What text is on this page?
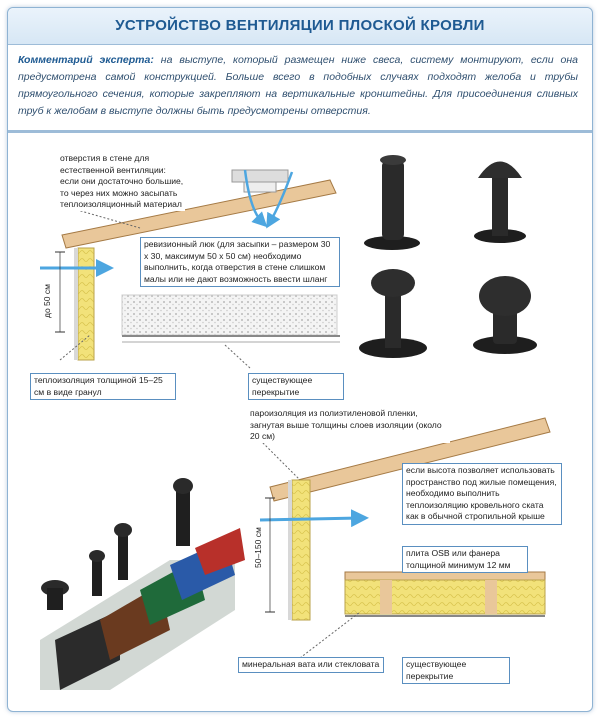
УСТРОЙСТВО ВЕНТИЛЯЦИИ ПЛОСКОЙ КРОВЛИ
Комментарий эксперта: на выступе, который размещен ниже свеса, систему монтируют, если она предусмотрена самой конструкцией. Больше всего в подобных случаях подходят желоба и трубы прямоугольного сечения, которые закрепляют на вертикальные кронштейны. Для присоединения сливных труб к желобам в выступе должны быть предусмотрены отверстия.
отверстия в стене для естественной вентиляции: если они достаточно большие, то через них можно засыпать теплоизоляционный материал
ревизионный люк (для засыпки – размером 30 х 30, максимум 50 х 50 см) необходимо выполнить, когда отверстия в стене слишком малы или не дают возможность ввести шланг
до 50 см
теплоизоляция толщиной 15–25 см в виде гранул
существующее перекрытие
пароизоляция из полиэтиленовой пленки, загнутая выше толщины слоев изоляции (около 20 см)
50–150 см
если высота позволяет использовать пространство под жилые помещения, необходимо выполнить теплоизоляцию кровельного ската как в обычной стропильной крыше
плита OSB или фанера толщиной минимум 12 мм
минеральная вата или стекловата	существующее перекрытие
